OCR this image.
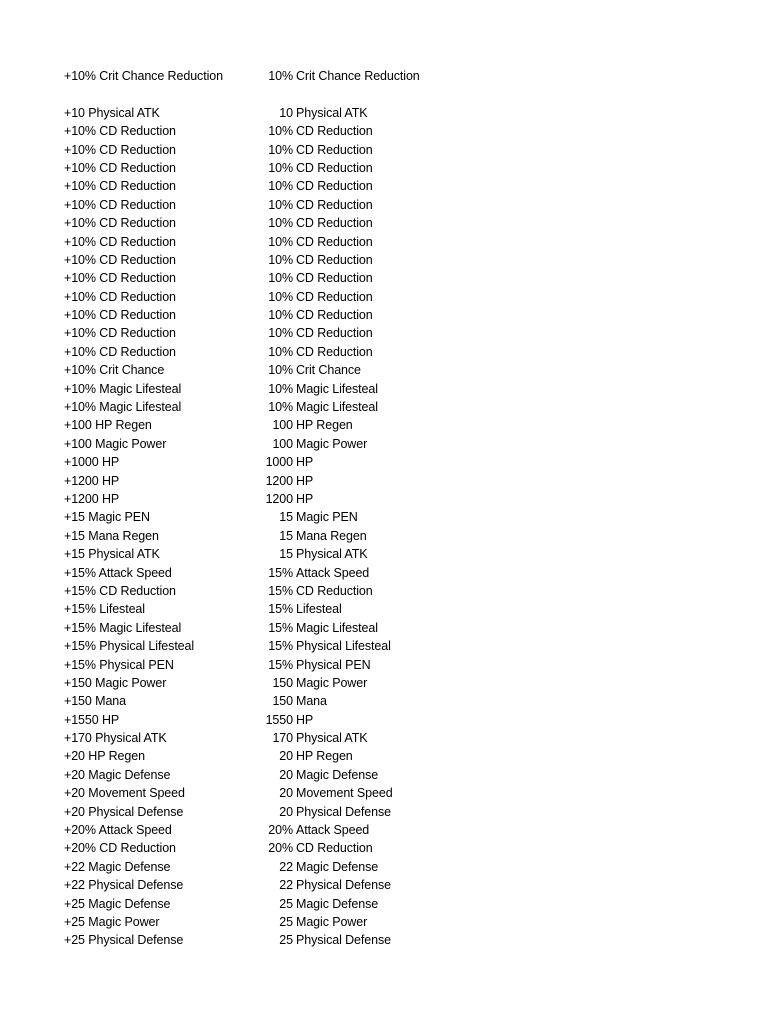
+10% Crit Chance Reduction	10% Crit Chance Reduction
+10 Physical ATK	10 Physical ATK
+10% CD Reduction	10% CD Reduction
+10% CD Reduction	10% CD Reduction
+10% CD Reduction	10% CD Reduction
+10% CD Reduction	10% CD Reduction
+10% CD Reduction	10% CD Reduction
+10% CD Reduction	10% CD Reduction
+10% CD Reduction	10% CD Reduction
+10% CD Reduction	10% CD Reduction
+10% CD Reduction	10% CD Reduction
+10% CD Reduction	10% CD Reduction
+10% CD Reduction	10% CD Reduction
+10% CD Reduction	10% CD Reduction
+10% CD Reduction	10% CD Reduction
+10% Crit Chance	10% Crit Chance
+10% Magic Lifesteal	10% Magic Lifesteal
+10% Magic Lifesteal	10% Magic Lifesteal
+100 HP Regen	100 HP Regen
+100 Magic Power	100 Magic Power
+1000 HP	1000 HP
+1200 HP	1200 HP
+1200 HP	1200 HP
+15 Magic PEN	15 Magic PEN
+15 Mana Regen	15 Mana Regen
+15 Physical ATK	15 Physical ATK
+15% Attack Speed	15% Attack Speed
+15% CD Reduction	15% CD Reduction
+15% Lifesteal	15% Lifesteal
+15% Magic Lifesteal	15% Magic Lifesteal
+15% Physical Lifesteal	15% Physical Lifesteal
+15% Physical PEN	15% Physical PEN
+150 Magic Power	150 Magic Power
+150 Mana	150 Mana
+1550 HP	1550 HP
+170 Physical ATK	170 Physical ATK
+20 HP Regen	20 HP Regen
+20 Magic Defense	20 Magic Defense
+20 Movement Speed	20 Movement Speed
+20 Physical Defense	20 Physical Defense
+20% Attack Speed	20% Attack Speed
+20% CD Reduction	20% CD Reduction
+22 Magic Defense	22 Magic Defense
+22 Physical Defense	22 Physical Defense
+25 Magic Defense	25 Magic Defense
+25 Magic Power	25 Magic Power
+25 Physical Defense	25 Physical Defense
